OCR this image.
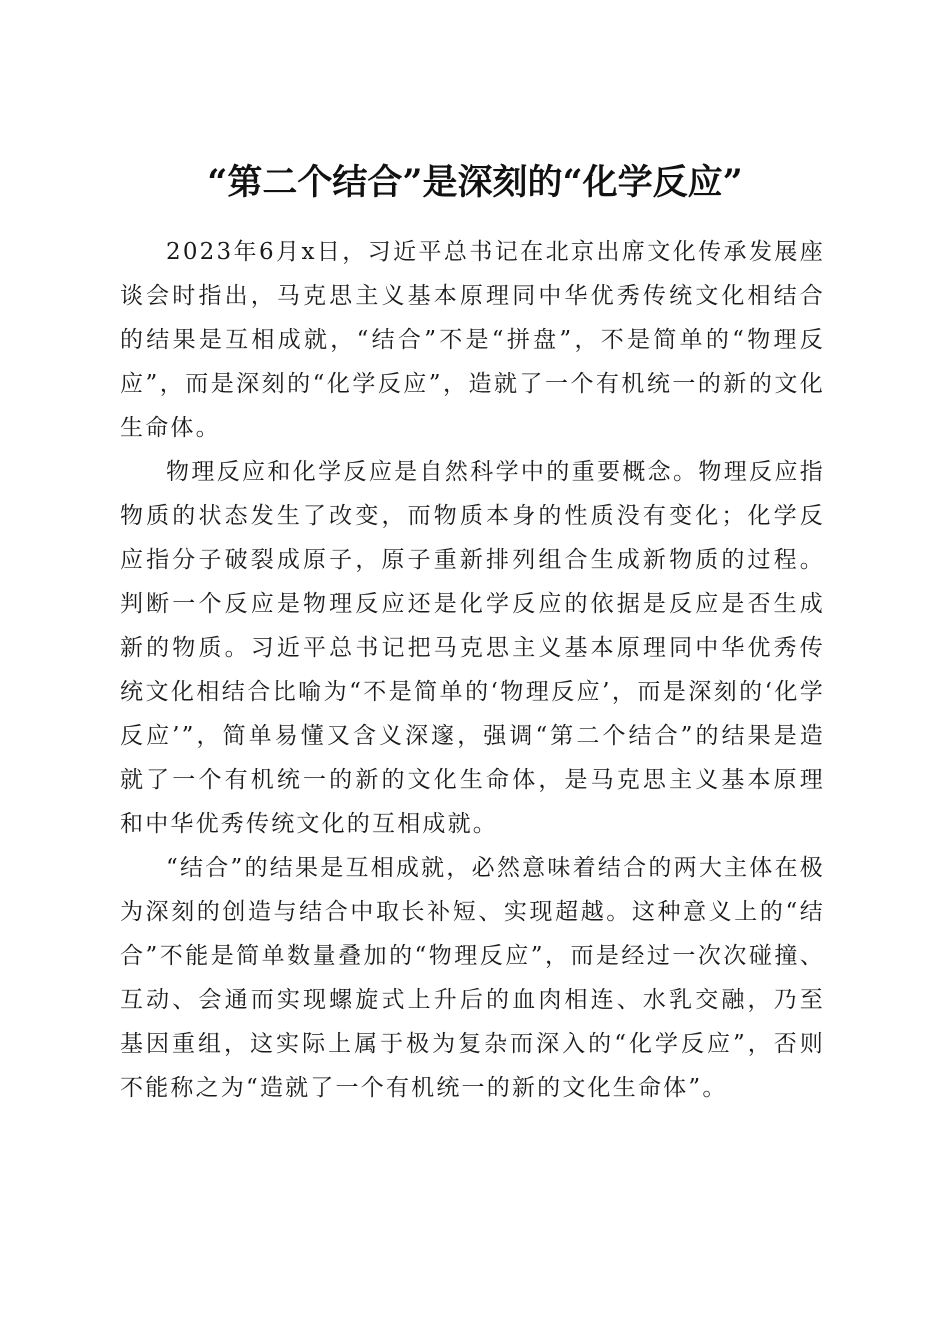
“第二个结合”是深刻的“化学反应”

2023年6月x日，习近平总书记在北京出席文化传承发展座谈会时指出，马克思主义基本原理同中华优秀传统文化相结合的结果是互相成就，“结合”不是“拼盘”，不是简单的“物理反应”，而是深刻的“化学反应”，造就了一个有机统一的新的文化生命体。

物理反应和化学反应是自然科学中的重要概念。物理反应指物质的状态发生了改变，而物质本身的性质没有变化；化学反应指分子破裂成原子，原子重新排列组合生成新物质的过程。判断一个反应是物理反应还是化学反应的依据是反应是否生成新的物质。习近平总书记把马克思主义基本原理同中华优秀传统文化相结合比喻为“不是简单的‘物理反应’，而是深刻的‘化学反应’”，简单易懂又含义深邃，强调“第二个结合”的结果是造就了一个有机统一的新的文化生命体，是马克思主义基本原理和中华优秀传统文化的互相成就。

“结合”的结果是互相成就，必然意味着结合的两大主体在极为深刻的创造与结合中取长补短、实现超越。这种意义上的“结合”不能是简单数量叠加的“物理反应”，而是经过一次次碰撞、互动、会通而实现螺旋式上升后的血肉相连、水乳交融，乃至基因重组，这实际上属于极为复杂而深入的“化学反应”，否则不能称之为“造就了一个有机统一的新的文化生命体”。
